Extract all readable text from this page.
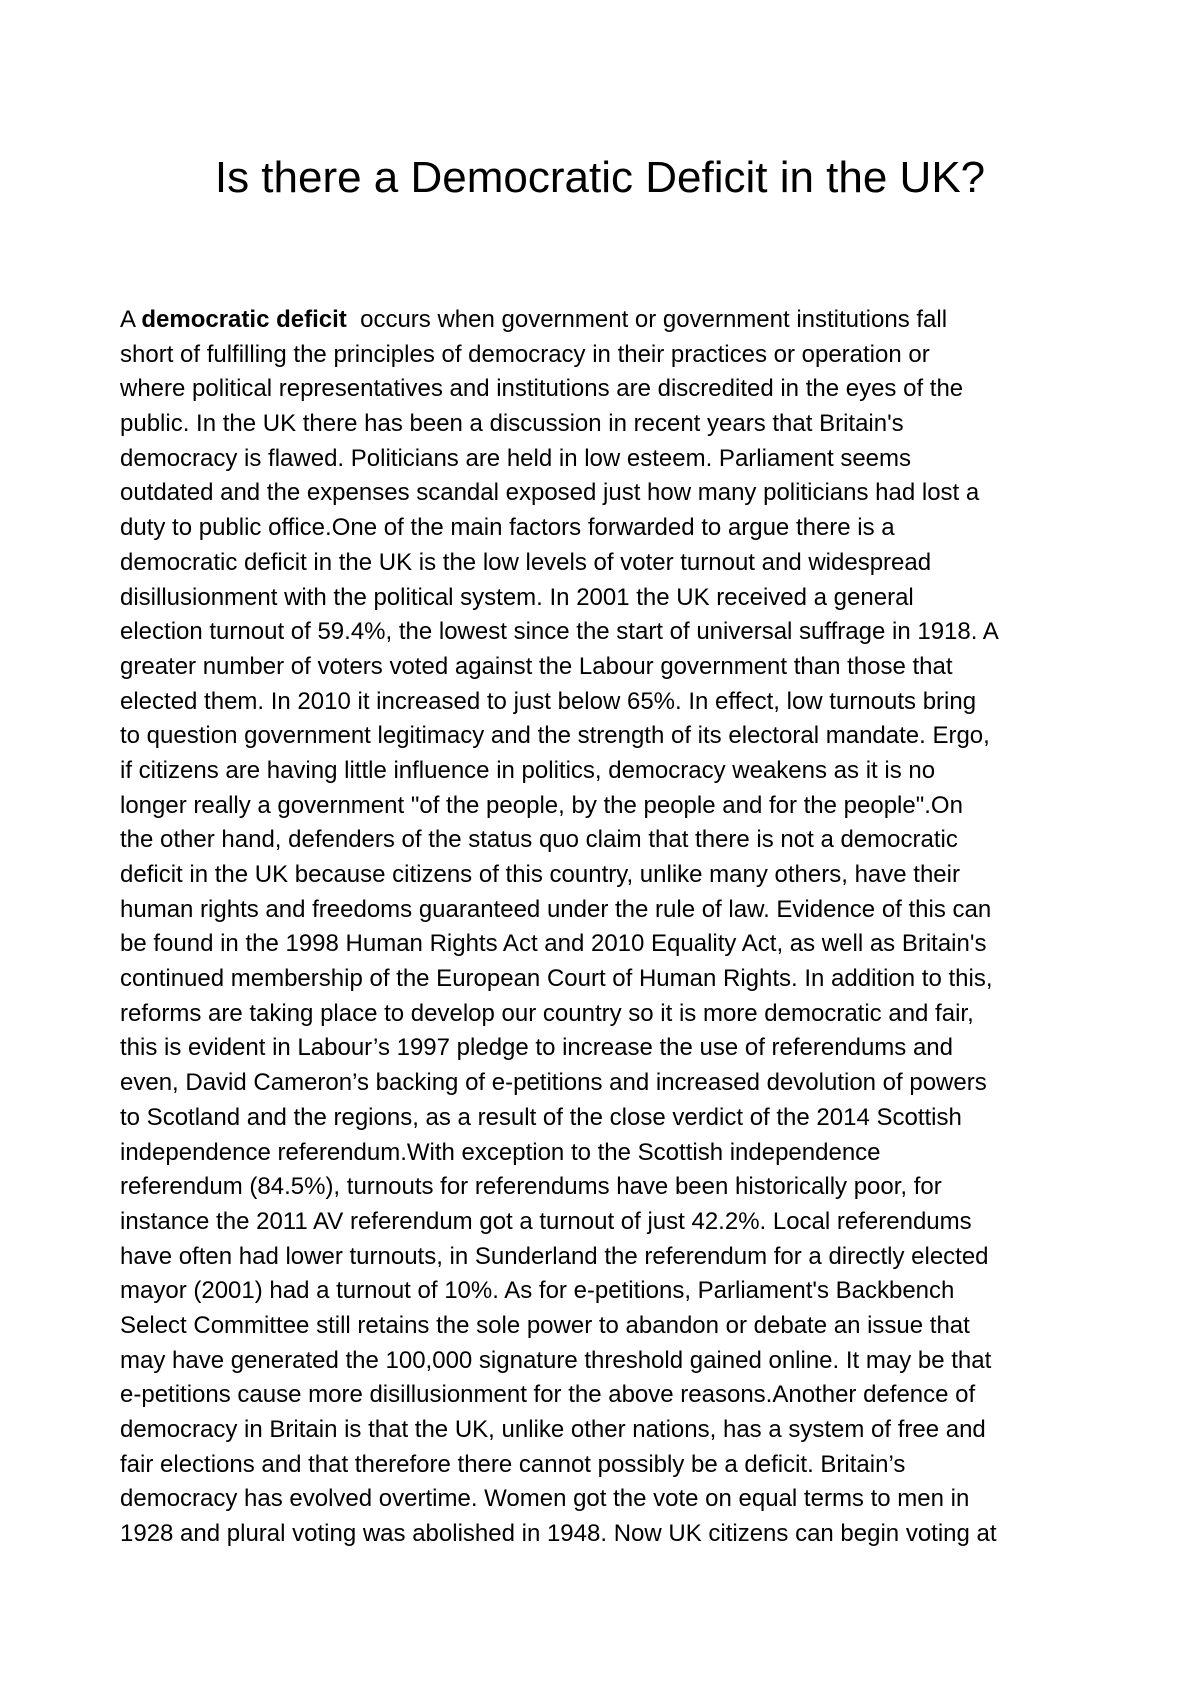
Is there a Democratic Deficit in the UK?
A democratic deficit  occurs when government or government institutions fall
short of fulfilling the principles of democracy in their practices or operation or
where political representatives and institutions are discredited in the eyes of the
public. In the UK there has been a discussion in recent years that Britain's
democracy is flawed. Politicians are held in low esteem. Parliament seems
outdated and the expenses scandal exposed just how many politicians had lost a
duty to public office.One of the main factors forwarded to argue there is a
democratic deficit in the UK is the low levels of voter turnout and widespread
disillusionment with the political system. In 2001 the UK received a general
election turnout of 59.4%, the lowest since the start of universal suffrage in 1918. A
greater number of voters voted against the Labour government than those that
elected them. In 2010 it increased to just below 65%. In effect, low turnouts bring
to question government legitimacy and the strength of its electoral mandate. Ergo,
if citizens are having little influence in politics, democracy weakens as it is no
longer really a government "of the people, by the people and for the people".On
the other hand, defenders of the status quo claim that there is not a democratic
deficit in the UK because citizens of this country, unlike many others, have their
human rights and freedoms guaranteed under the rule of law. Evidence of this can
be found in the 1998 Human Rights Act and 2010 Equality Act, as well as Britain's
continued membership of the European Court of Human Rights. In addition to this,
reforms are taking place to develop our country so it is more democratic and fair,
this is evident in Labour’s 1997 pledge to increase the use of referendums and
even, David Cameron’s backing of e-petitions and increased devolution of powers
to Scotland and the regions, as a result of the close verdict of the 2014 Scottish
independence referendum.With exception to the Scottish independence
referendum (84.5%), turnouts for referendums have been historically poor, for
instance the 2011 AV referendum got a turnout of just 42.2%. Local referendums
have often had lower turnouts, in Sunderland the referendum for a directly elected
mayor (2001) had a turnout of 10%. As for e-petitions, Parliament's Backbench
Select Committee still retains the sole power to abandon or debate an issue that
may have generated the 100,000 signature threshold gained online. It may be that
e-petitions cause more disillusionment for the above reasons.Another defence of
democracy in Britain is that the UK, unlike other nations, has a system of free and
fair elections and that therefore there cannot possibly be a deficit. Britain’s
democracy has evolved overtime. Women got the vote on equal terms to men in
1928 and plural voting was abolished in 1948. Now UK citizens can begin voting at
